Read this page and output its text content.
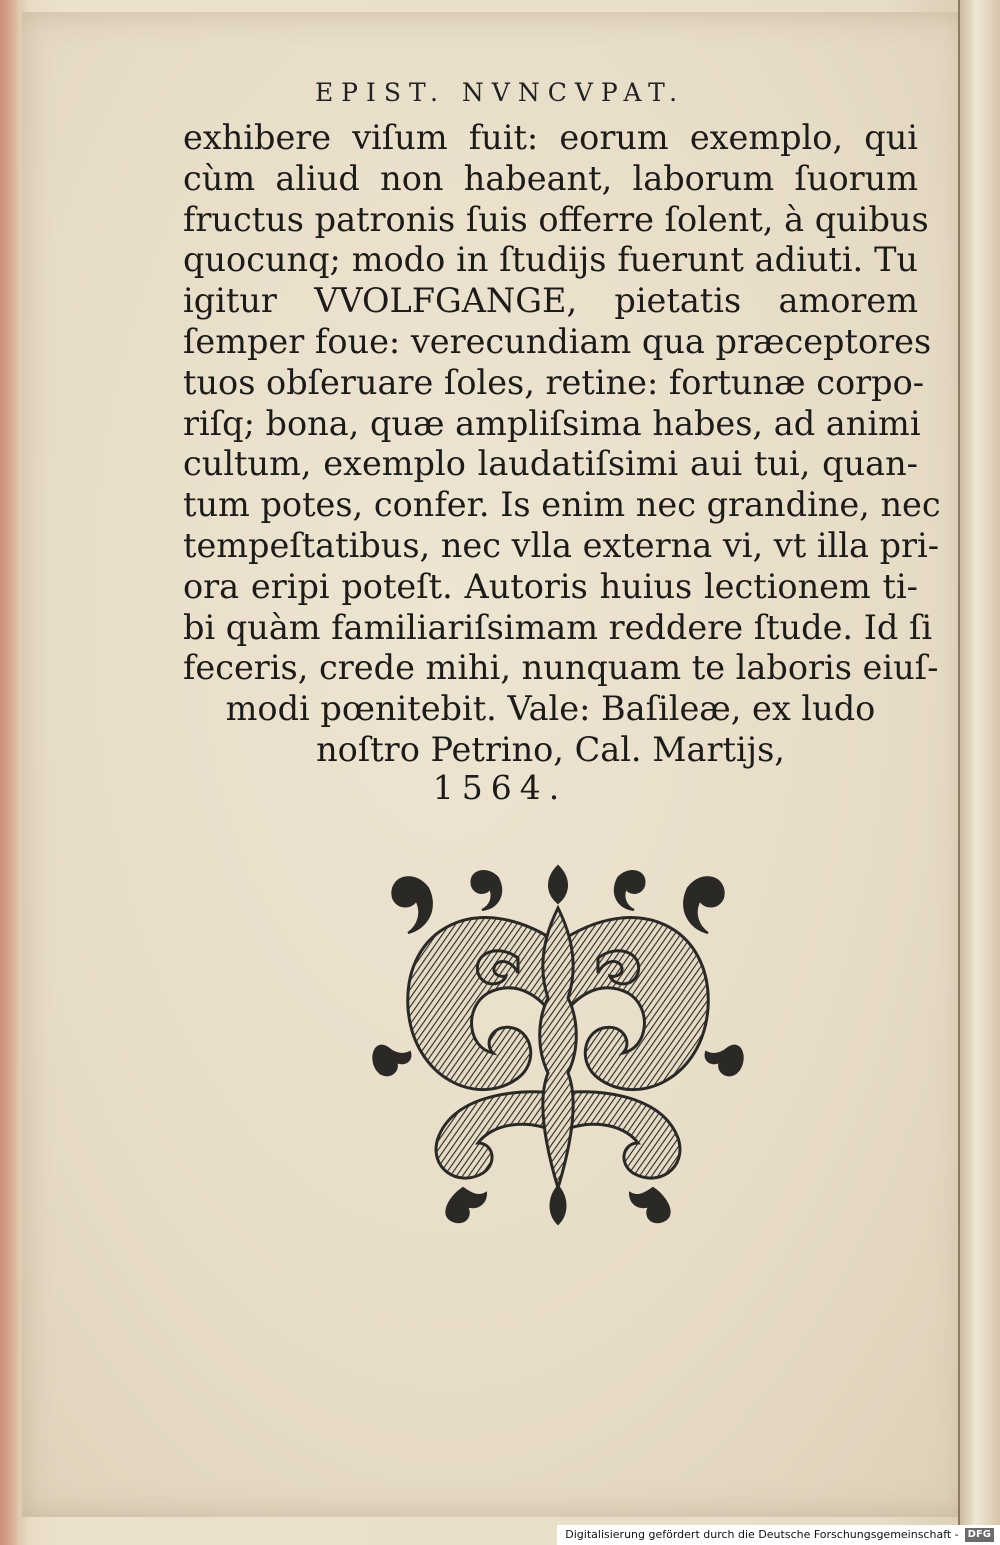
EPIST. NVNCVPAT.
exhibere viſum fuit: eorum exemplo, qui
cùm aliud non habeant, laborum ſuorum
fructus patronis ſuis offerre ſolent, à quibus
quocunq; modo in ſtudijs fuerunt adiuti. Tu
igitur VVOLFGANGE, pietatis amorem
ſemper foue: verecundiam qua præceptores
tuos obſeruare ſoles, retine: fortunæ corpo-
riſq; bona, quæ ampliſsima habes, ad animi
cultum, exemplo laudatiſsimi aui tui, quan-
tum potes, confer. Is enim nec grandine, nec
tempeſtatibus, nec vlla externa vi, vt illa pri-
ora eripi poteſt. Autoris huius lectionem ti-
bi quàm familiariſsimam reddere ſtude. Id ſi
feceris, crede mihi, nunquam te laboris eiuſ-
modi pœnitebit. Vale: Baſileæ, ex ludo
noſtro Petrino, Cal. Martijs,
1564.
Digitalisierung gefördert durch die Deutsche Forschungsgemeinschaft - DFG
